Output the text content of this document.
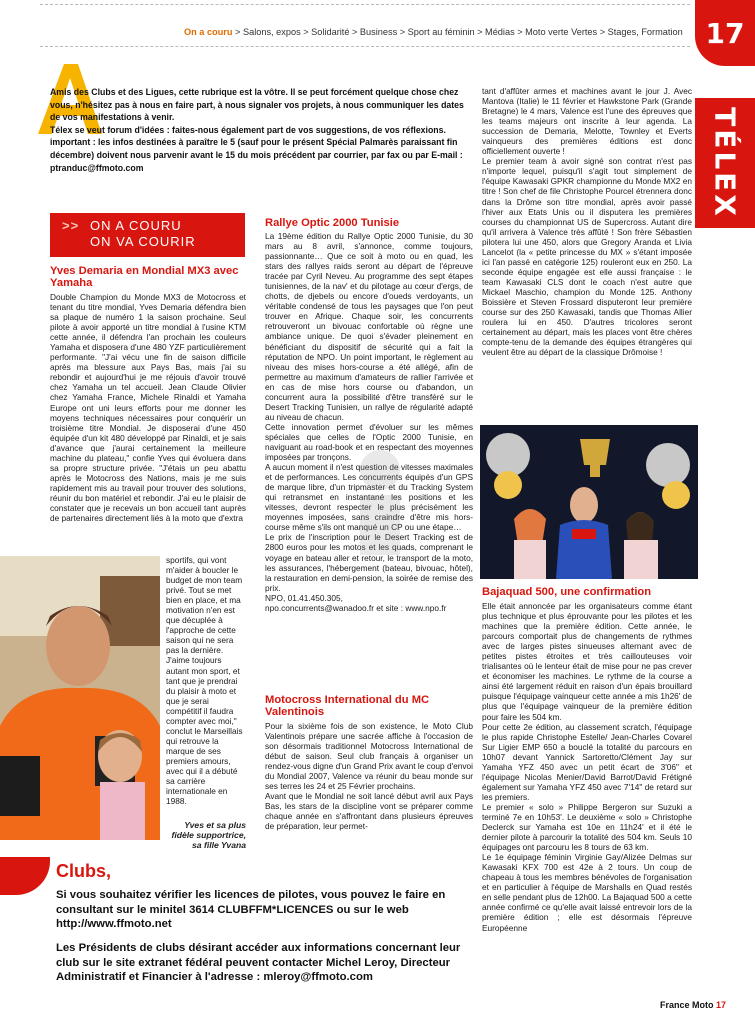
On a couru > Salons, expos > Solidarité > Business > Sport au féminin > Médias > Moto verte Vertes > Stages, Formation 17
TÉLEX

Amis des Clubs et des Ligues, cette rubrique est la vôtre. Il se peut forcément quelque chose chez vous, n'hésitez pas à nous en faire part, à nous signaler vos projets, à nous communiquer les dates de vos manifestations à venir.

Télex se veut forum d'idées : faites-nous également part de vos suggestions, de vos réflexions.

important : les infos destinées à paraître le 5 (sauf pour le présent Spécial Palmarès paraissant fin décembre) doivent nous parvenir avant le 15 du mois précédent par courrier, par fax ou par E-mail : ptranduc@ffmoto.com

>> ON A COURU
ON VA COURIR
Yves Demaria en Mondial MX3 avec Yamaha
Double Champion du Monde MX3 de Motocross et tenant du titre mondial, Yves Demaria défendra bien sa plaque de numéro 1 la saison prochaine. Seul pilote à avoir apporté un titre mondial à l'usine KTM cette année, il défendra l'an prochain les couleurs Yamaha et disposera d'une 480 YZF particulièrement performante. "J'ai vécu une fin de saison difficile après ma blessure aux Pays Bas, mais j'ai su rebondir et aujourd'hui je me réjouis d'avoir trouvé chez Yamaha un tel accueil. Jean Claude Olivier chez Yamaha France, Michele Rinaldi et Yamaha Europe ont uni leurs efforts pour me donner les moyens techniques nécessaires pour conquérir un troisième titre Mondial. Je disposerai d'une 450 équipée d'un kit 480 développé par Rinaldi, et je sais d'avance que j'aurai certainement la meilleure machine du plateau," confie Yves qui évoluera dans sa propre structure privée. "J'étais un peu abattu après le Motocross des Nations, mais je me suis rapidement mis au travail pour trouver des solutions, réunir du bon matériel et rebondir. J'ai eu le plaisir de constater que je recevais un bon accueil tant auprès de partenaires directement liés à la moto que d'extra
sportifs, qui vont m'aider à boucler le budget de mon team privé. Tout se met bien en place, et ma motivation n'en est que décuplée à l'approche de cette saison qui ne sera pas la dernière. J'aime toujours autant mon sport, et tant que je prendrai du plaisir à moto et que je serai compétitif il faudra compter avec moi," conclut le Marseillais qui retrouve la marque de ses premiers amours, avec qui il a débuté sa carrière internationale en 1988.
Yves et sa plus fidèle supportrice, sa fille Yvana
Rallye Optic 2000 Tunisie
La 19ème édition du Rallye Optic 2000 Tunisie, du 30 mars au 8 avril, s'annonce, comme toujours, passionnante… Que ce soit à moto ou en quad, les stars des rallyes raids seront au départ de l'épreuve tracée par Cyril Neveu. Au programme des sept étapes tunisiennes, de la nav' et du pilotage au cœur d'ergs, de chotts, de djebels ou encore d'oueds verdoyants, un véritable condensé de tous les paysages que l'on peut trouver en Afrique. Chaque soir, les concurrents retrouveront un bivouac confortable où règne une ambiance unique. De quoi s'évader pleinement en bénéficiant du dispositif de sécurité qui a fait la réputation de NPO. Un point important, le règlement au niveau des mises hors-course a été allégé, afin de permettre au maximum d'amateurs de rallier l'arrivée et en cas de mise hors course ou d'abandon, un concurrent aura la possibilité d'être transféré sur le Desert Tracking Tunisien, un rallye de régularité adapté au niveau de chacun.
Cette innovation permet d'évoluer sur les mêmes spéciales que celles de l'Optic 2000 Tunisie, en naviguant au road-book et en respectant des moyennes imposées par tronçons.
A aucun moment il n'est question de vitesses maximales et de performances. Les concurrents équipés d'un GPS de marque libre, d'un tripmaster et du Tracking System qui retransmet en instantané les positions et les vitesses, devront respecter le plus précisément les moyennes imposées, sans craindre d'être mis hors-course même s'ils ont manqué un CP ou une étape…
Le prix de l'inscription pour le Desert Tracking est de 2800 euros pour les motos et les quads, comprenant le voyage en bateau aller et retour, le transport de la moto, les assurances, l'hébergement (bateau, bivouac, hôtel), la restauration en demi-pension, la soirée de remise des prix.
NPO, 01.41.450.305,
npo.concurrents@wanadoo.fr et site : www.npo.fr
Motocross International du MC Valentinois
Pour la sixième fois de son existence, le Moto Club Valentinois prépare une sacrée affiche à l'occasion de son désormais traditionnel Motocross International de début de saison. Seul club français à organiser un rendez-vous digne d'un Grand Prix avant le coup d'envoi du Mondial 2007, Valence va réunir du beau monde sur ses terres les 24 et 25 Février prochains.
Avant que le Mondial ne soit lancé début avril aux Pays Bas, les stars de la discipline vont se préparer comme chaque année en s'affrontant dans plusieurs épreuves de préparation, leur permet-
tant d'affûter armes et machines avant le jour J. Avec Mantova (Italie) le 11 février et Hawkstone Park (Grande Bretagne) le 4 mars, Valence est l'une des épreuves que les teams majeurs ont inscrite à leur agenda. La succession de Demaria, Melotte, Townley et Everts vainqueurs des premières éditions est donc officiellement ouverte !
Le premier team à avoir signé son contrat n'est pas n'importe lequel, puisqu'il s'agit tout simplement de l'équipe Kawasaki GPKR championne du Monde MX2 en titre ! Son chef de file Christophe Pourcel étrennera donc dans la Drôme son titre mondial, après avoir passé l'hiver aux Etats Unis ou il disputera les premières courses du championnat US de Supercross. Autant dire qu'il arrivera à Valence très affûté ! Son frère Sébastien pilotera lui une 450, alors que Gregory Aranda et Livia Lancelot (la « petite princesse du MX » s'étant imposée ici l'an passé en catégorie 125) rouleront eux en 250. La seconde équipe engagée est elle aussi française : le team Kawasaki CLS dont le coach n'est autre que Mickael Maschio, champion du Monde 125. Anthony Boissière et Steven Frossard disputeront leur première course sur des 250 Kawasaki, tandis que Thomas Allier roulera lui en 450. D'autres tricolores seront certainement au départ, mais les places vont être chères compte-tenu de la demande des équipes étrangères qui veulent être au départ de la classique Drômoise !
Bajaquad 500, une confirmation
Elle était annoncée par les organisateurs comme étant plus technique et plus éprouvante pour les pilotes et les machines que la première édition. Cette année, le parcours comportait plus de changements de rythmes avec de larges pistes sinueuses alternant avec de petites pistes étroites et très caillouteuses voir trialisantes où le lenteur était de mise pour ne pas crever et économiser les machines. Le rythme de la course a ainsi été largement réduit en raison d'un épais brouillard puisque l'équipage vainqueur cette année a mis 1h26' de plus que l'équipage vainqueur de la première édition pour faire les 504 km.
Pour cette 2e édition, au classement scratch, l'équipage le plus rapide Christophe Estelle/ Jean-Charles Covarel Sur Ligier EMP 650 a bouclé la totalité du parcours en 10h07 devant Yannick Sartoretto/Clément Jay sur Yamaha YFZ 450 avec un petit écart de 3'06" et l'équipage Nicolas Menier/David Barrot/David Frétigné également sur Yamaha YFZ 450 avec 7'14" de retard sur les premiers.
Le premier « solo » Philippe Bergeron sur Suzuki a terminé 7e en 10h53'. Le deuxième « solo » Christophe Declerck sur Yamaha est 10e en 11h24' et il été le dernier pilote à parcourir la totalité des 504 km. Seuls 10 équipages ont parcouru les 8 tours de 63 km.
Le 1e équipage féminin Virginie Gay/Alizée Delmas sur Kawasaki KFX 700 est 42e à 2 tours. Un coup de chapeau à tous les membres bénévoles de l'organisation et en particulier à l'équipe de Marshalls en Quad restés en selle pendant plus de 12h00. La Bajaquad 500 a cette année confirmé ce qu'elle avait laissé entrevoir lors de la première édition ; elle est désormais l'épreuve Européenne
Clubs,
Si vous souhaitez vérifier les licences de pilotes, vous pouvez le faire en consultant sur le minitel 3614 CLUBFFM*LICENCES ou sur le web http://www.ffmoto.net
Les Présidents de clubs désirant accéder aux informations concernant leur club sur le site extranet fédéral peuvent contacter Michel Leroy, Directeur Administratif et Financier à l'adresse : mleroy@ffmoto.com
France Moto 17
